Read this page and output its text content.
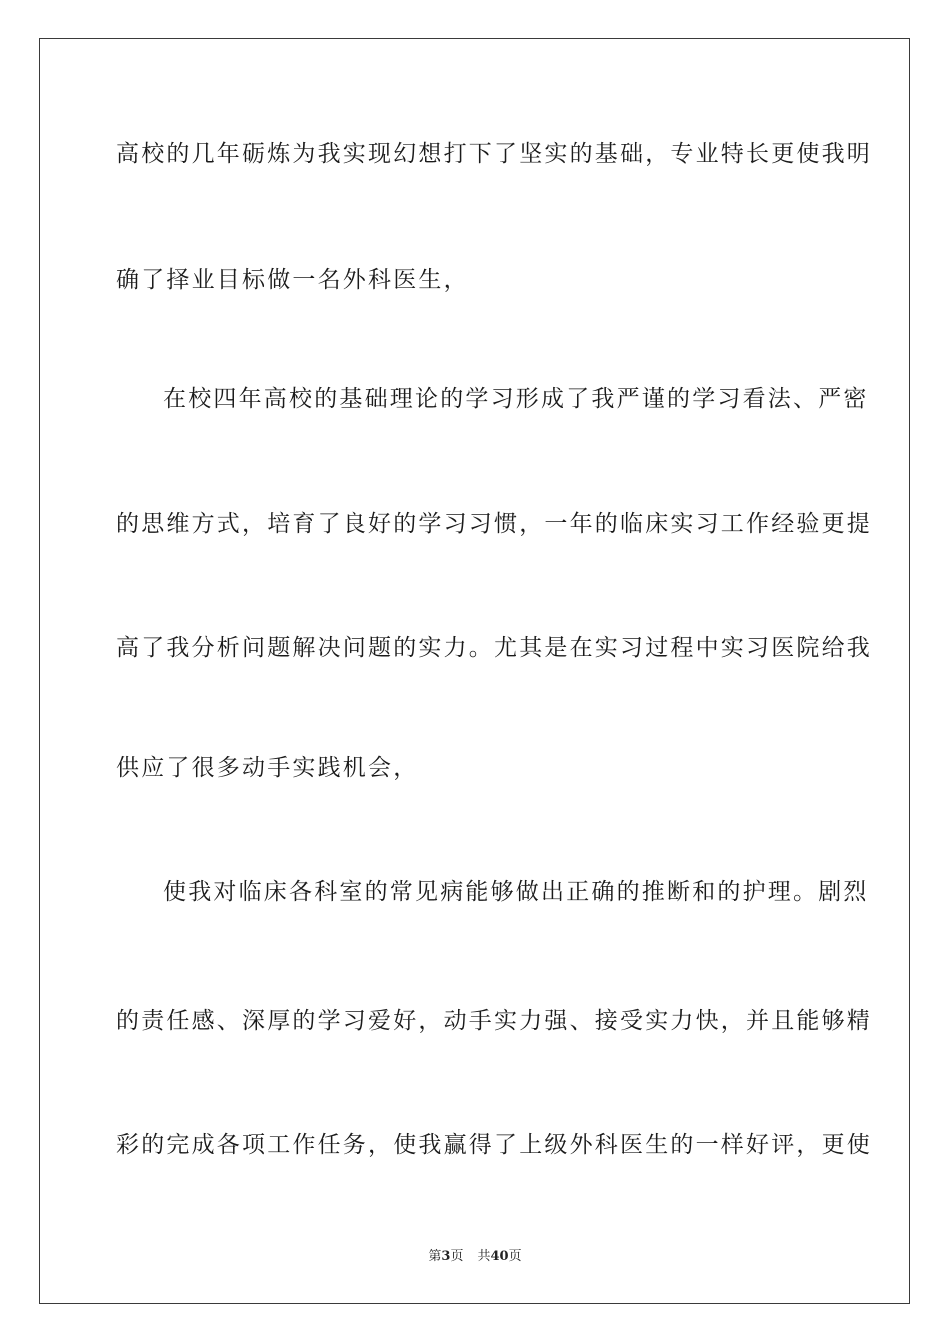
高校的几年砺炼为我实现幻想打下了坚实的基础，专业特长更使我明
确了择业目标做一名外科医生，
在校四年高校的基础理论的学习形成了我严谨的学习看法、严密
的思维方式，培育了良好的学习习惯，一年的临床实习工作经验更提
高了我分析问题解决问题的实力。尤其是在实习过程中实习医院给我
供应了很多动手实践机会，
使我对临床各科室的常见病能够做出正确的推断和的护理。剧烈
的责任感、深厚的学习爱好，动手实力强、接受实力快，并且能够精
彩的完成各项工作任务，使我赢得了上级外科医生的一样好评，更使
第3页 共40页
